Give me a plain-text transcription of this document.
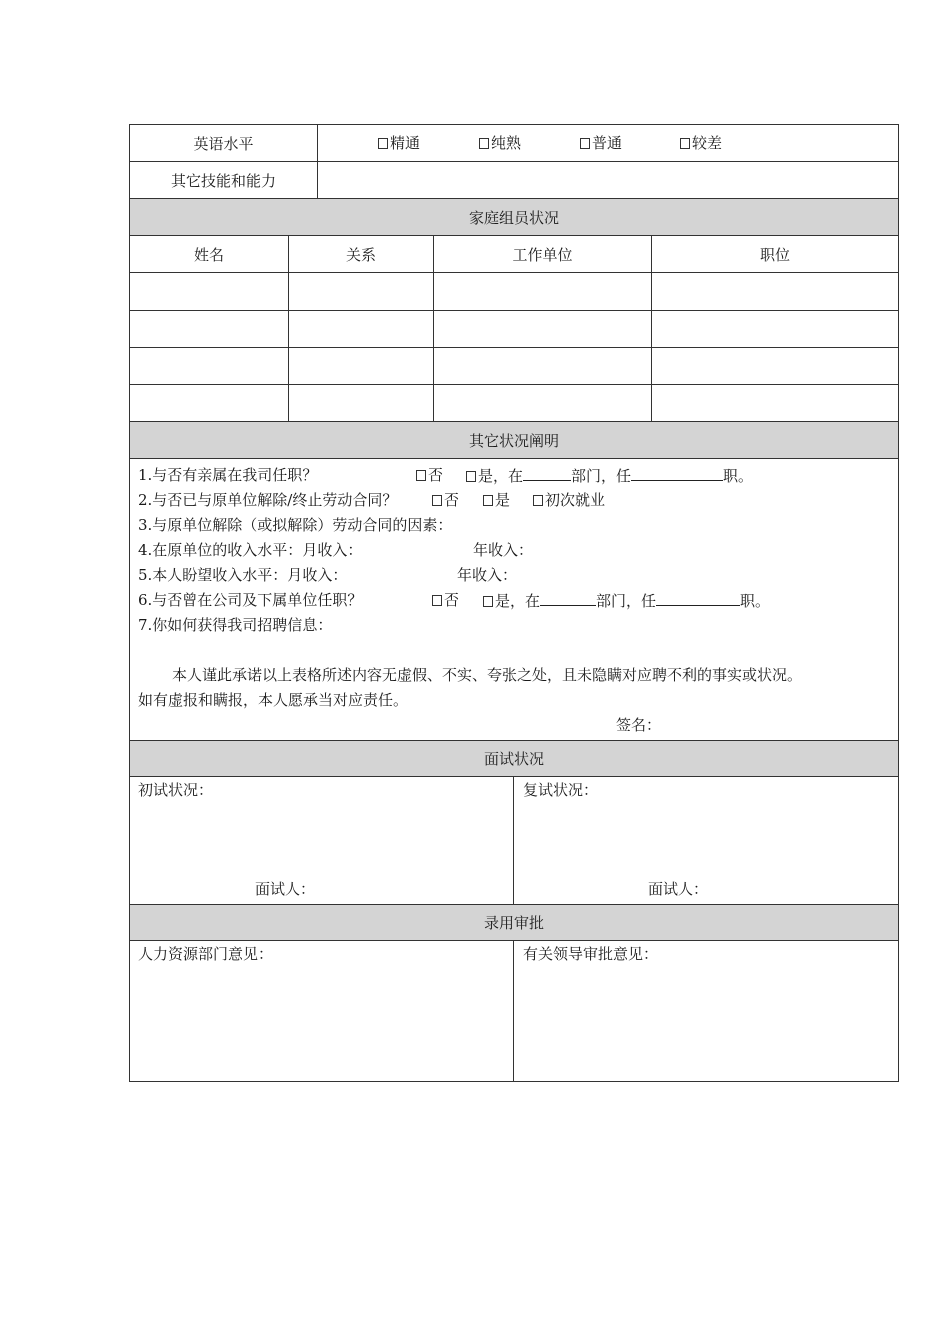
英语水平	精通	纯熟	普通	较差
其它技能和能力
家庭组员状况
姓名	关系	工作单位	职位
其它状况阐明
1.与否有亲属在我司任职？	否	是，在	部门，任	职。
2.与否已与原单位解除/终止劳动合同？	否	是	初次就业
3.与原单位解除（或拟解除）劳动合同的因素：
4.在原单位的收入水平：月收入：	年收入：
5.本人盼望收入水平：月收入：	年收入：
6.与否曾在公司及下属单位任职？	否	是，在	部门，任	职。
7.你如何获得我司招聘信息：
本人谨此承诺以上表格所述内容无虚假、不实、夸张之处，且未隐瞒对应聘不利的事实或状况。
如有虚报和瞒报，本人愿承当对应责任。
签名：
面试状况
初试状况：	复试状况：
面试人：	面试人：
录用审批
人力资源部门意见：	有关领导审批意见：
